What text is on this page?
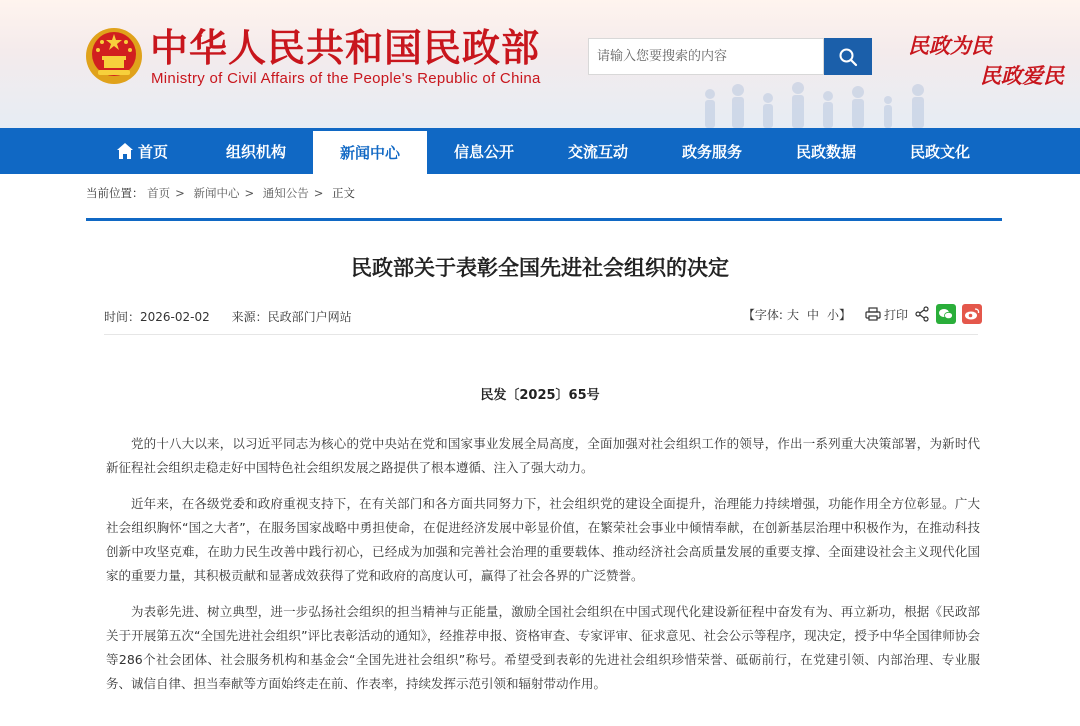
中华人民共和国民政部
Ministry of Civil Affairs of the People's Republic of China
请输入您要搜索的内容
民政为民
民政爱民
首页	组织机构	新闻中心	信息公开	交流互动	政务服务	民政数据	民政文化
当前位置： 首页 > 新闻中心 > 通知公告 > 正文
民政部关于表彰全国先进社会组织的决定
时间：2026-02-02 来源：民政部门户网站	【字体: 大 中 小】	打印
民发〔2025〕65号

党的十八大以来，以习近平同志为核心的党中央站在党和国家事业发展全局高度，全面加强对社会组织工作的领导，作出一系列重大决策部署，为新时代新征程社会组织走稳走好中国特色社会组织发展之路提供了根本遵循、注入了强大动力。

近年来，在各级党委和政府重视支持下，在有关部门和各方面共同努力下，社会组织党的建设全面提升，治理能力持续增强，功能作用全方位彰显。广大社会组织胸怀“国之大者”，在服务国家战略中勇担使命，在促进经济发展中彰显价值，在繁荣社会事业中倾情奉献，在创新基层治理中积极作为，在推动科技创新中攻坚克难，在助力民生改善中践行初心，已经成为加强和完善社会治理的重要载体、推动经济社会高质量发展的重要支撑、全面建设社会主义现代化国家的重要力量，其积极贡献和显著成效获得了党和政府的高度认可，赢得了社会各界的广泛赞誉。

为表彰先进、树立典型，进一步弘扬社会组织的担当精神与正能量，激励全国社会组织在中国式现代化建设新征程中奋发有为、再立新功，根据《民政部关于开展第五次“全国先进社会组织”评比表彰活动的通知》，经推荐申报、资格审查、专家评审、征求意见、社会公示等程序，现决定，授予中华全国律师协会等286个社会团体、社会服务机构和基金会“全国先进社会组织”称号。希望受到表彰的先进社会组织珍惜荣誉、砥砺前行，在党建引领、内部治理、专业服务、诚信自律、担当奉献等方面始终走在前、作表率，持续发挥示范引领和辐射带动作用。
